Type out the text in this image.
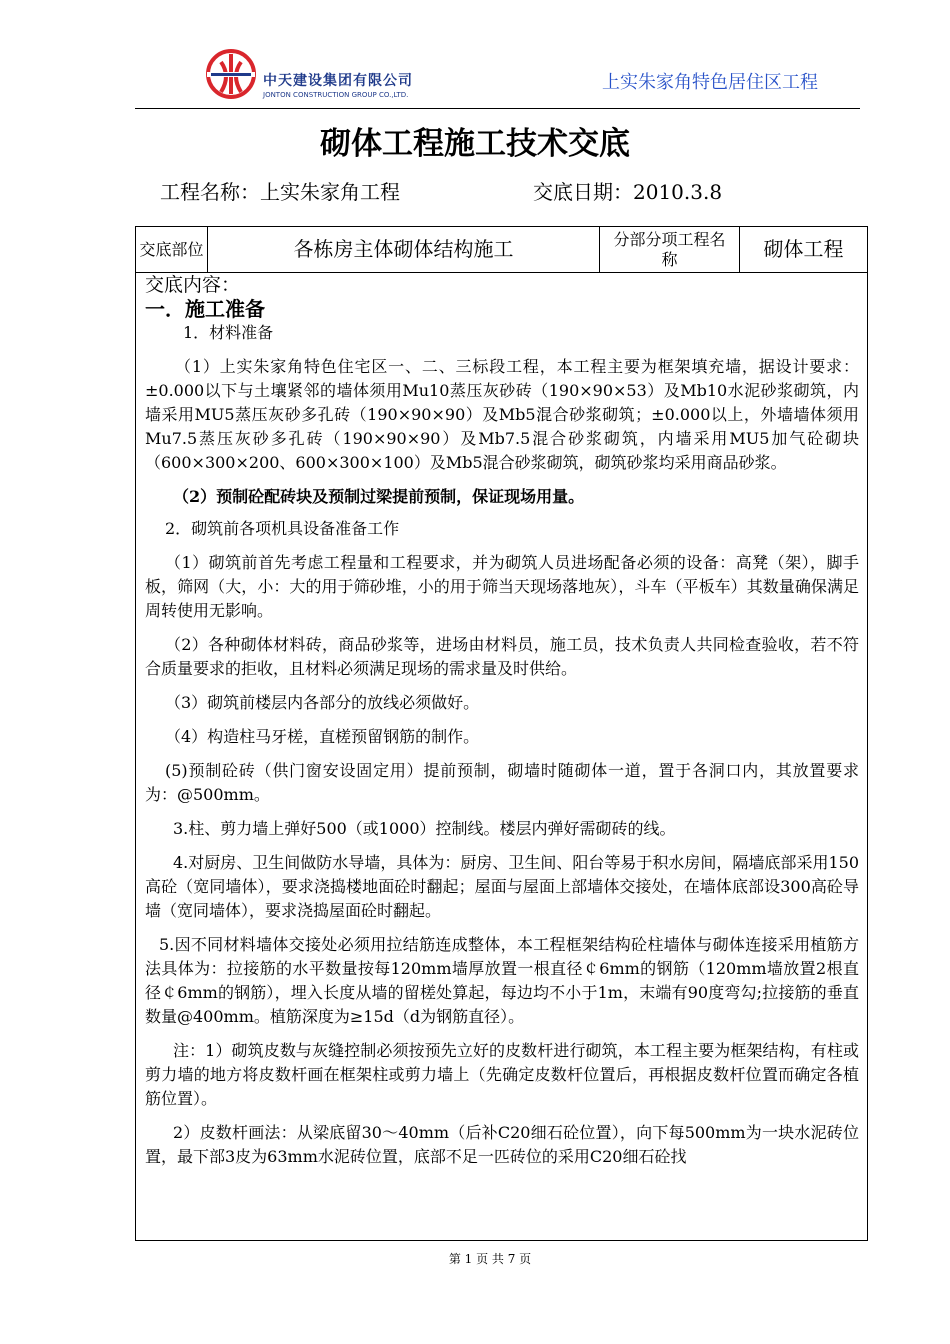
中天建设集团有限公司
JONTON CONSTRUCTION GROUP CO.,LTD.
上实朱家角特色居住区工程
砌体工程施工技术交底
工程名称：上实朱家角工程	交底日期：2010.3.8
交底部位	各栋房主体砌体结构施工	分部分项工程名　　称	砌体工程

交底内容：

一．施工准备

1．材料准备

（1）上实朱家角特色住宅区一、二、三标段工程，本工程主要为框架填充墙，据设计要求：±0.000以下与土壤紧邻的墙体须用Mu10蒸压灰砂砖（190×90×53）及Mb10水泥砂浆砌筑，内墙采用MU5蒸压灰砂多孔砖（190×90×90）及Mb5混合砂浆砌筑；±0.000以上，外墙墙体须用Mu7.5蒸压灰砂多孔砖（190×90×90）及Mb7.5混合砂浆砌筑，内墙采用MU5加气砼砌块（600×300×200、600×300×100）及Mb5混合砂浆砌筑，砌筑砂浆均采用商品砂浆。

（2）预制砼配砖块及预制过梁提前预制，保证现场用量。

2．砌筑前各项机具设备准备工作

（1）砌筑前首先考虑工程量和工程要求，并为砌筑人员进场配备必须的设备：高凳（架），脚手板，筛网（大，小：大的用于筛砂堆，小的用于筛当天现场落地灰），斗车（平板车）其数量确保满足周转使用无影响。

（2）各种砌体材料砖，商品砂浆等，进场由材料员，施工员，技术负责人共同检查验收，若不符合质量要求的拒收，且材料必须满足现场的需求量及时供给。

（3）砌筑前楼层内各部分的放线必须做好。

（4）构造柱马牙槎，直槎预留钢筋的制作。

(5)预制砼砖（供门窗安设固定用）提前预制，砌墙时随砌体一道，置于各洞口内，其放置要求为：@500mm。

3.柱、剪力墙上弹好500（或1000）控制线。楼层内弹好需砌砖的线。

4.对厨房、卫生间做防水导墙，具体为：厨房、卫生间、阳台等易于积水房间，隔墙底部采用150高砼（宽同墙体），要求浇捣楼地面砼时翻起；屋面与屋面上部墙体交接处，在墙体底部设300高砼导墙（宽同墙体），要求浇捣屋面砼时翻起。

5.因不同材料墙体交接处必须用拉结筋连成整体，本工程框架结构砼柱墙体与砌体连接采用植筋方法具体为：拉接筋的水平数量按每120mm墙厚放置一根直径￠6mm的钢筋（120mm墙放置2根直径￠6mm的钢筋），埋入长度从墙的留槎处算起，每边均不小于1m，末端有90度弯勾;拉接筋的垂直数量@400mm。植筋深度为≥15d（d为钢筋直径）。

注：1）砌筑皮数与灰缝控制必须按预先立好的皮数杆进行砌筑，本工程主要为框架结构，有柱或剪力墙的地方将皮数杆画在框架柱或剪力墙上（先确定皮数杆位置后，再根据皮数杆位置而确定各植筋位置）。

2）皮数杆画法：从梁底留30～40mm（后补C20细石砼位置），向下每500mm为一块水泥砖位置，最下部3皮为63mm水泥砖位置，底部不足一匹砖位的采用C20细石砼找

第 1 页 共 7 页
